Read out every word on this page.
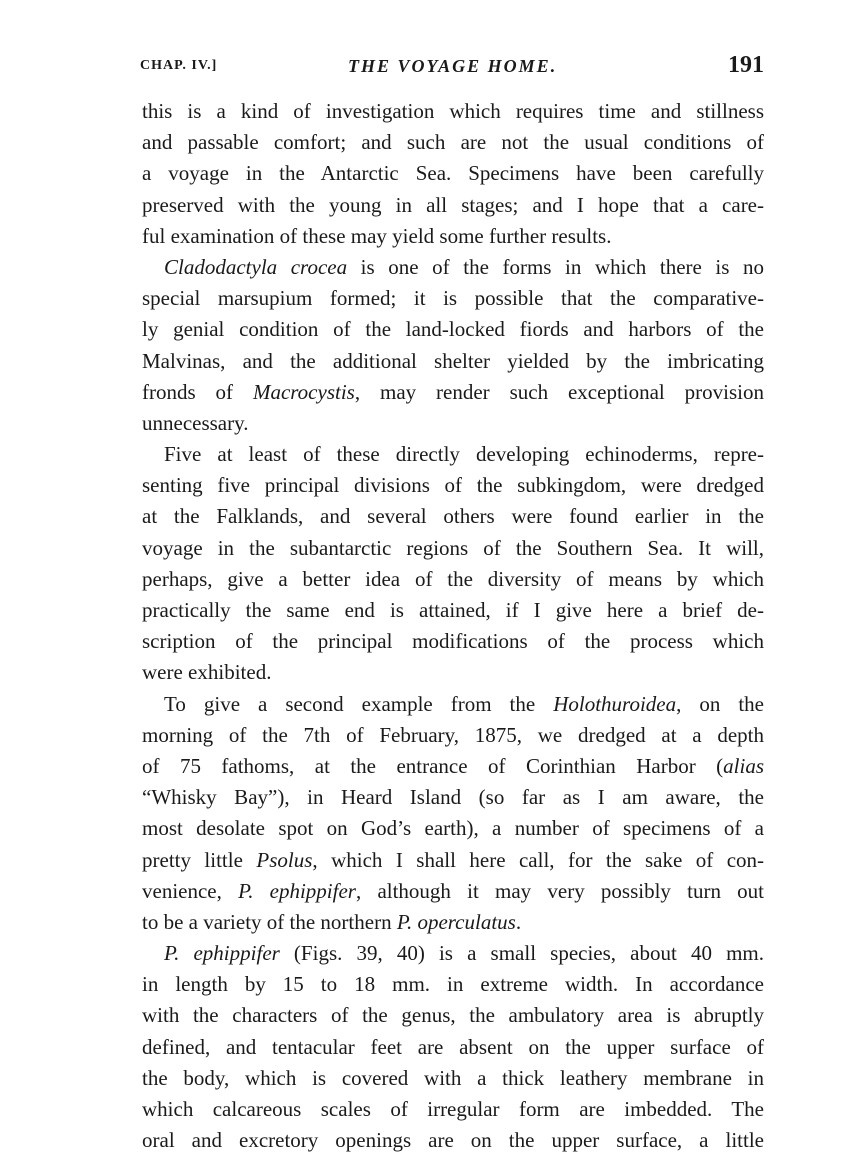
CHAP. IV.]	THE VOYAGE HOME.	191
this is a kind of investigation which requires time and stillness
and passable comfort; and such are not the usual conditions of
a voyage in the Antarctic Sea. Specimens have been carefully
preserved with the young in all stages; and I hope that a care-
ful examination of these may yield some further results.
Cladodactyla crocea is one of the forms in which there is no
special marsupium formed; it is possible that the comparative-
ly genial condition of the land-locked fiords and harbors of the
Malvinas, and the additional shelter yielded by the imbricating
fronds of Macrocystis, may render such exceptional provision
unnecessary.
Five at least of these directly developing echinoderms, repre-
senting five principal divisions of the subkingdom, were dredged
at the Falklands, and several others were found earlier in the
voyage in the subantarctic regions of the Southern Sea. It will,
perhaps, give a better idea of the diversity of means by which
practically the same end is attained, if I give here a brief de-
scription of the principal modifications of the process which
were exhibited.
To give a second example from the Holothuroidea, on the
morning of the 7th of February, 1875, we dredged at a depth
of 75 fathoms, at the entrance of Corinthian Harbor (alias
“Whisky Bay”), in Heard Island (so far as I am aware, the
most desolate spot on God’s earth), a number of specimens of a
pretty little Psolus, which I shall here call, for the sake of con-
venience, P. ephippifer, although it may very possibly turn out
to be a variety of the northern P. operculatus.
P. ephippifer (Figs. 39, 40) is a small species, about 40 mm.
in length by 15 to 18 mm. in extreme width. In accordance
with the characters of the genus, the ambulatory area is abruptly
defined, and tentacular feet are absent on the upper surface of
the body, which is covered with a thick leathery membrane in
which calcareous scales of irregular form are imbedded. The
oral and excretory openings are on the upper surface, a little
